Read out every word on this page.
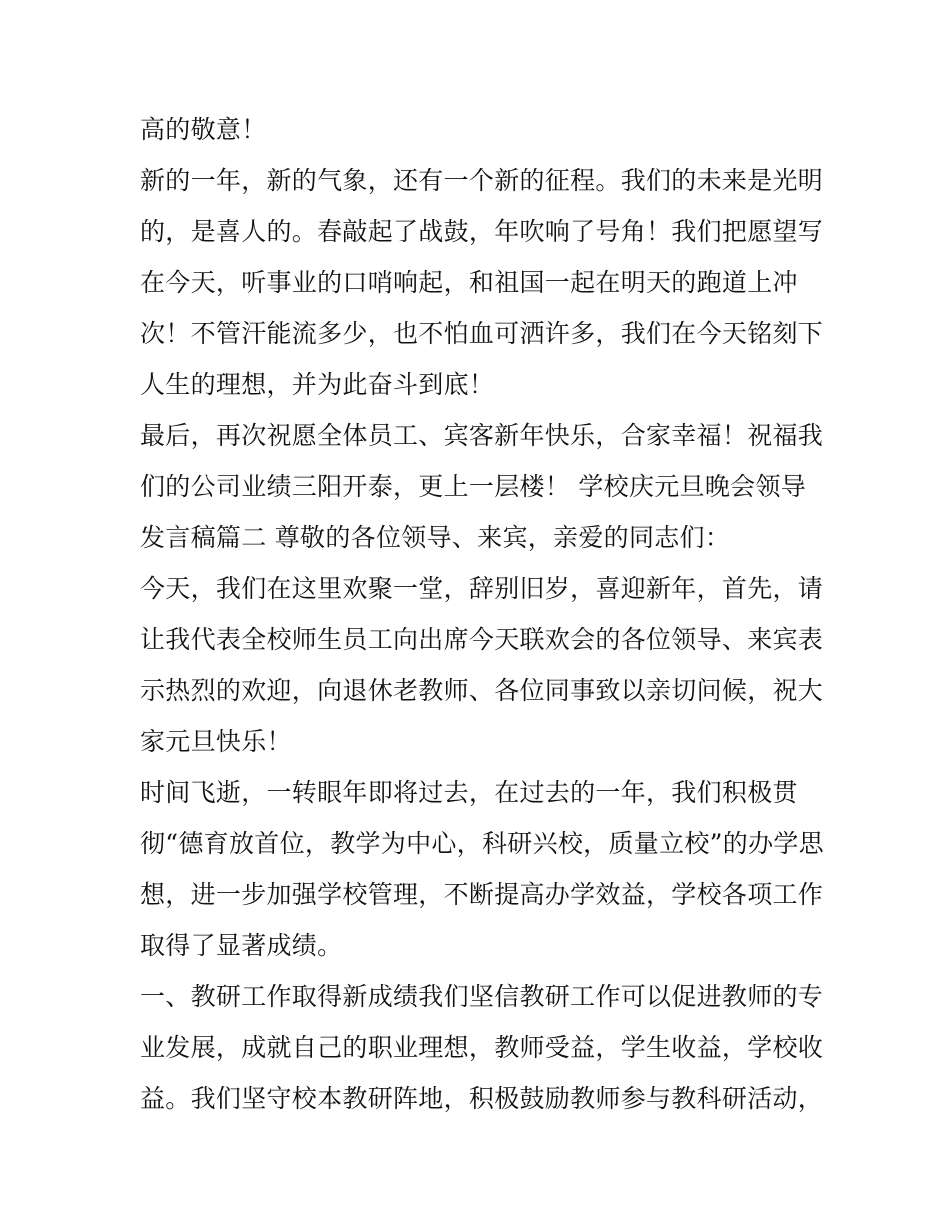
高的敬意！
新的一年，新的气象，还有一个新的征程。我们的未来是光明
的，是喜人的。春敲起了战鼓，年吹响了号角！我们把愿望写
在今天，听事业的口哨响起，和祖国一起在明天的跑道上冲
次！不管汗能流多少，也不怕血可洒许多，我们在今天铭刻下
人生的理想，并为此奋斗到底！
最后，再次祝愿全体员工、宾客新年快乐，合家幸福！祝福我
们的公司业绩三阳开泰，更上一层楼！ 学校庆元旦晚会领导
发言稿篇二 尊敬的各位领导、来宾，亲爱的同志们：
今天，我们在这里欢聚一堂，辞别旧岁，喜迎新年，首先，请
让我代表全校师生员工向出席今天联欢会的各位领导、来宾表
示热烈的欢迎，向退休老教师、各位同事致以亲切问候，祝大
家元旦快乐！
时间飞逝，一转眼年即将过去，在过去的一年，我们积极贯
彻“德育放首位，教学为中心，科研兴校，质量立校”的办学思
想，进一步加强学校管理，不断提高办学效益，学校各项工作
取得了显著成绩。
一、教研工作取得新成绩我们坚信教研工作可以促进教师的专
业发展，成就自己的职业理想，教师受益，学生收益，学校收
益。我们坚守校本教研阵地，积极鼓励教师参与教科研活动，
